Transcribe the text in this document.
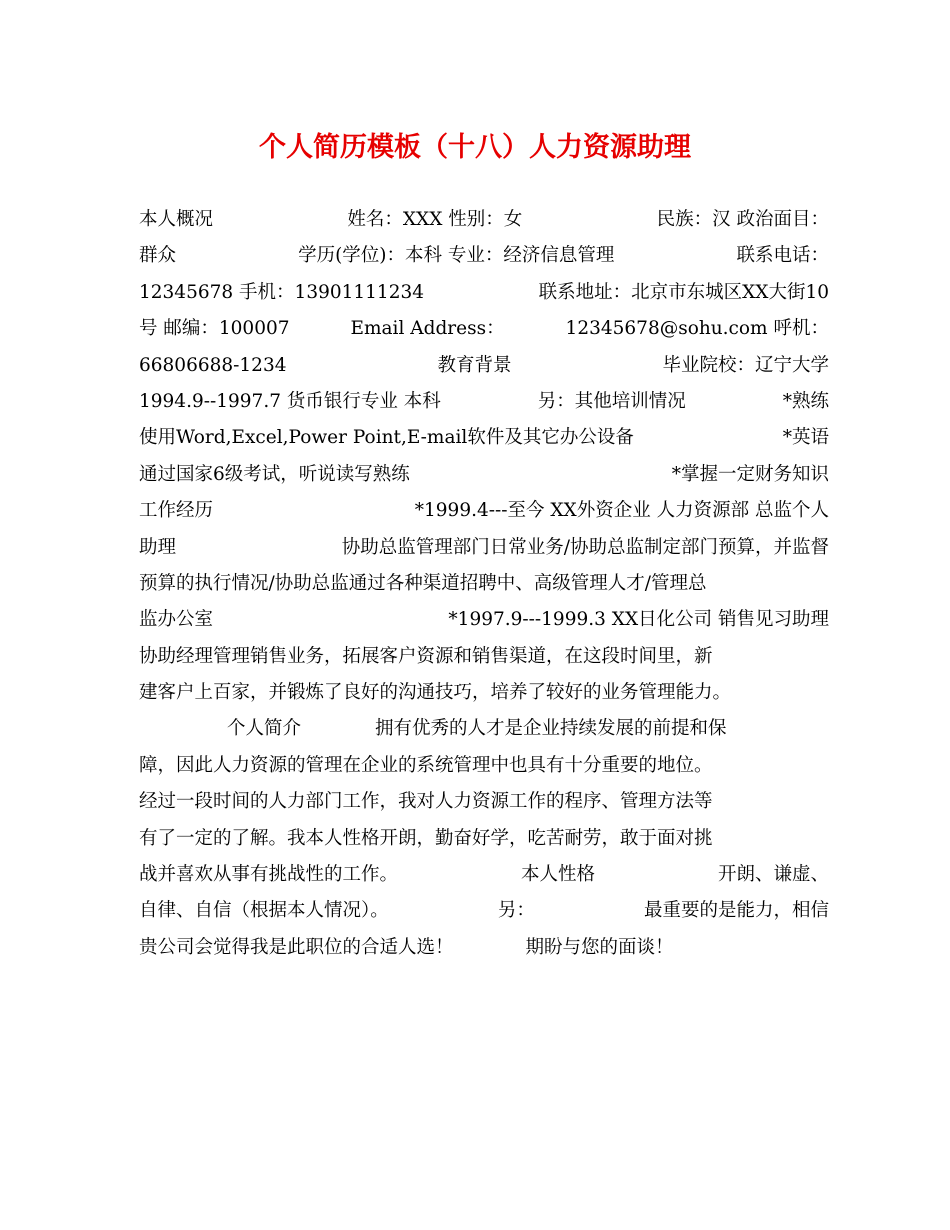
个人简历模板（十八）人力资源助理
本人概况	姓名：XXX 性别：女	民族：汉 政治面目：
群众	学历(学位)：本科 专业：经济信息管理	联系电话：
12345678 手机：13901111234	联系地址：北京市东城区XX大街10
号 邮编：100007	Email Address：	12345678@sohu.com 呼机：
66806688-1234	教育背景	毕业院校：辽宁大学
1994.9--1997.7 货币银行专业 本科	另：其他培训情况	*熟练
使用Word,Excel,Power Point,E-mail软件及其它办公设备	*英语
通过国家6级考试，听说读写熟练	*掌握一定财务知识
工作经历	*1999.4---至今 XX外资企业 人力资源部 总监个人
助理	协助总监管理部门日常业务/协助总监制定部门预算，并监督
预算的执行情况/协助总监通过各种渠道招聘中、高级管理人才/管理总
监办公室	*1997.9---1999.3 XX日化公司 销售见习助理
协助经理管理销售业务，拓展客户资源和销售渠道，在这段时间里，新
建客户上百家，并锻炼了良好的沟通技巧，培养了较好的业务管理能力。
个人简介	拥有优秀的人才是企业持续发展的前提和保
障，因此人力资源的管理在企业的系统管理中也具有十分重要的地位。
经过一段时间的人力部门工作，我对人力资源工作的程序、管理方法等
有了一定的了解。我本人性格开朗，勤奋好学，吃苦耐劳，敢于面对挑
战并喜欢从事有挑战性的工作。	本人性格	开朗、谦虚、
自律、自信（根据本人情况）。	另：	最重要的是能力，相信
贵公司会觉得我是此职位的合适人选！	期盼与您的面谈！
